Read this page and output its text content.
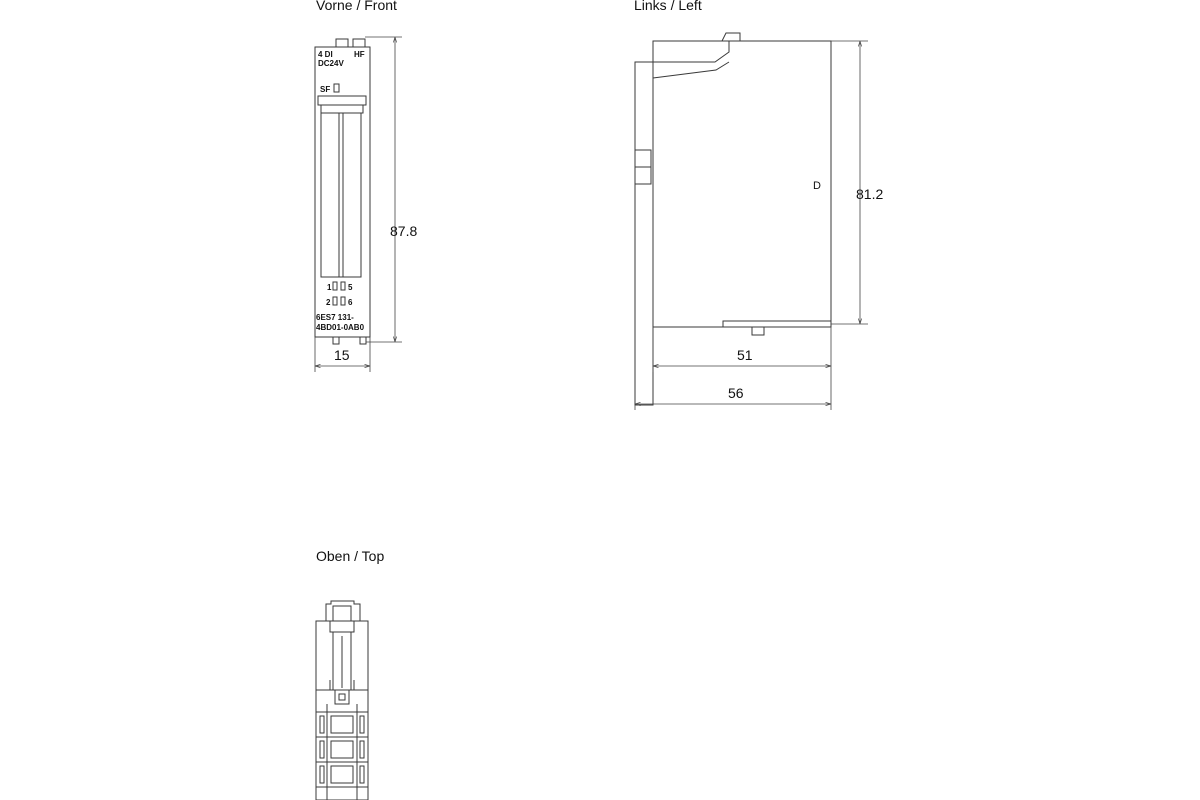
Vorne / Front	Links / Left
Oben / Top
4 DI	HF
DC24V
SF
1 5
2 6
6ES7 131-
4BD01-0AB0
87.8
15
D	81.2
51
56
